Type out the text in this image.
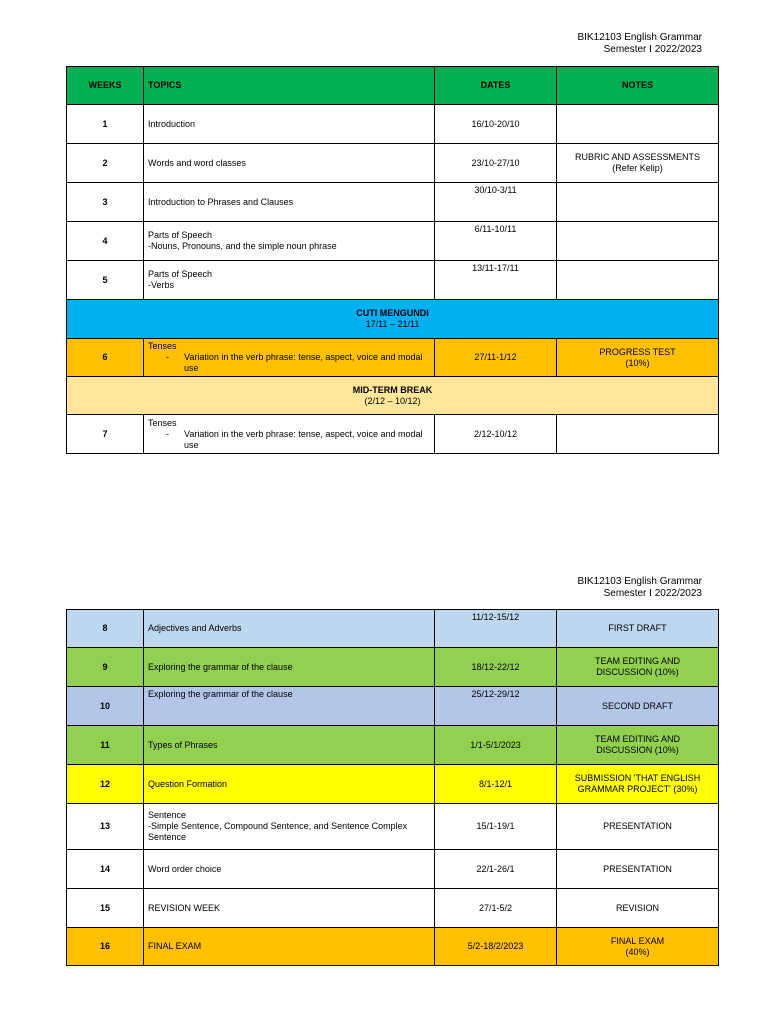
BIK12103 English Grammar
Semester I 2022/2023
WEEKS	TOPICS	DATES	NOTES
1	Introduction	16/10-20/10	
2	Words and word classes	23/10-27/10	RUBRIC AND ASSESSMENTS (Refer Kelip)
3	Introduction to Phrases and Clauses	30/10-3/11	
4	Parts of Speech
-Nouns, Pronouns, and the simple noun phrase	6/11-10/11	
5	Parts of Speech
-Verbs	13/11-17/11	
CUTI MENGUNDI
17/11 – 21/11			

6	Tenses
- Variation in the verb phrase: tense, aspect, voice and modal use	27/11-1/12	PROGRESS TEST
(10%)

MID-TERM BREAK
(2/12 – 10/12)			

7	Tenses
- Variation in the verb phrase: tense, aspect, voice and modal use	2/12-10/12	
BIK12103 English Grammar
Semester I 2022/2023
8	Adjectives and Adverbs	11/12-15/12	FIRST DRAFT
9	Exploring the grammar of the clause	18/12-22/12	TEAM EDITING AND DISCUSSION (10%)
10	Exploring the grammar of the clause	25/12-29/12	SECOND DRAFT
11	Types of Phrases	1/1-5/1/2023	TEAM EDITING AND DISCUSSION (10%)
12	Question Formation	8/1-12/1	SUBMISSION 'THAT ENGLISH GRAMMAR PROJECT' (30%)
13	Sentence
-Simple Sentence, Compound Sentence, and Sentence Complex Sentence	15/1-19/1	PRESENTATION
14	Word order choice	22/1-26/1	PRESENTATION
15	REVISION WEEK	27/1-5/2	REVISION
16	FINAL EXAM	5/2-18/2/2023	FINAL EXAM
(40%)
